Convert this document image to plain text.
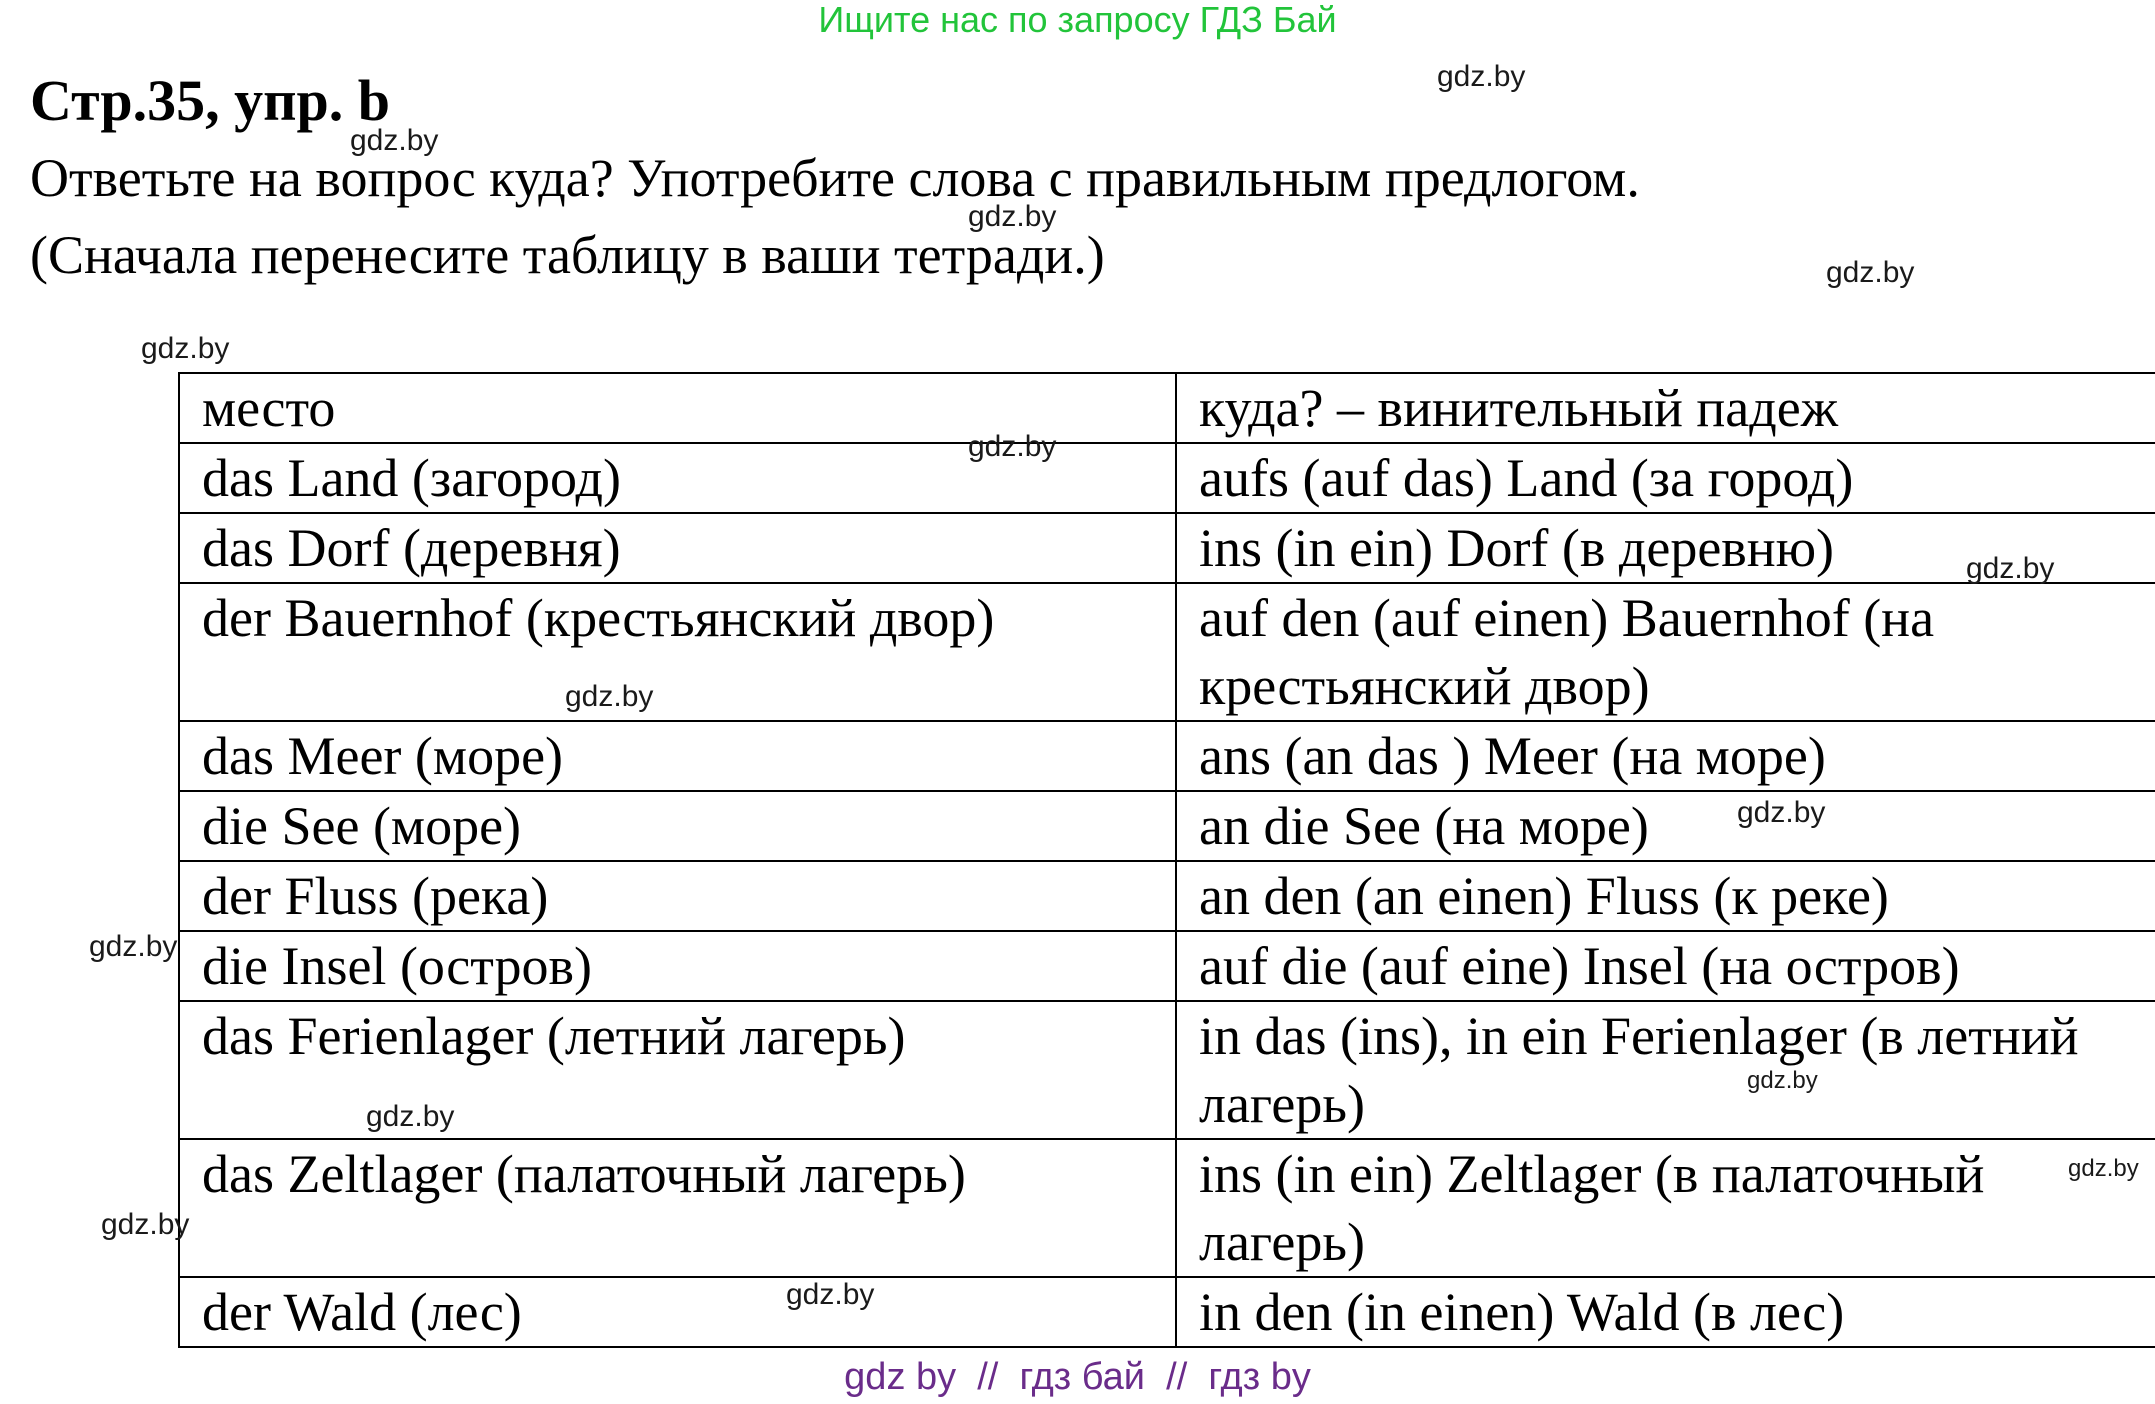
Ищите нас по запросу ГДЗ Бай
Стр.35, упр. b
Ответьте на вопрос куда? Употребите слова с правильным предлогом.
(Сначала перенесите таблицу в ваши тетради.)
место	куда? – винительный падеж
das Land (загород)	aufs (auf das) Land (за город)
das Dorf (деревня)	ins (in ein) Dorf (в деревню)
der Bauernhof (крестьянский двор)	auf den (auf einen) Bauernhof (на
крестьянский двор)
das Meer (море)	ans (an das ) Meer (на море)
die See (море)	an die See (на море)
der Fluss (река)	an den (an einen) Fluss (к реке)
die Insel (остров)	auf die (auf eine) Insel (на остров)
das Ferienlager (летний лагерь)	in das (ins), in ein Ferienlager (в летний
лагерь)
das Zeltlager (палаточный лагерь)	ins (in ein) Zeltlager (в палаточный
лагерь)
der Wald (лес)	in den (in einen) Wald (в лес)
gdz.by
gdz.by
gdz.by
gdz.by
gdz.by
gdz.by
gdz.by
gdz.by
gdz.by
gdz.by
gdz.by
gdz.by
gdz.by
gdz.by
gdz.by
gdz by  //  гдз бай  //  гдз by
